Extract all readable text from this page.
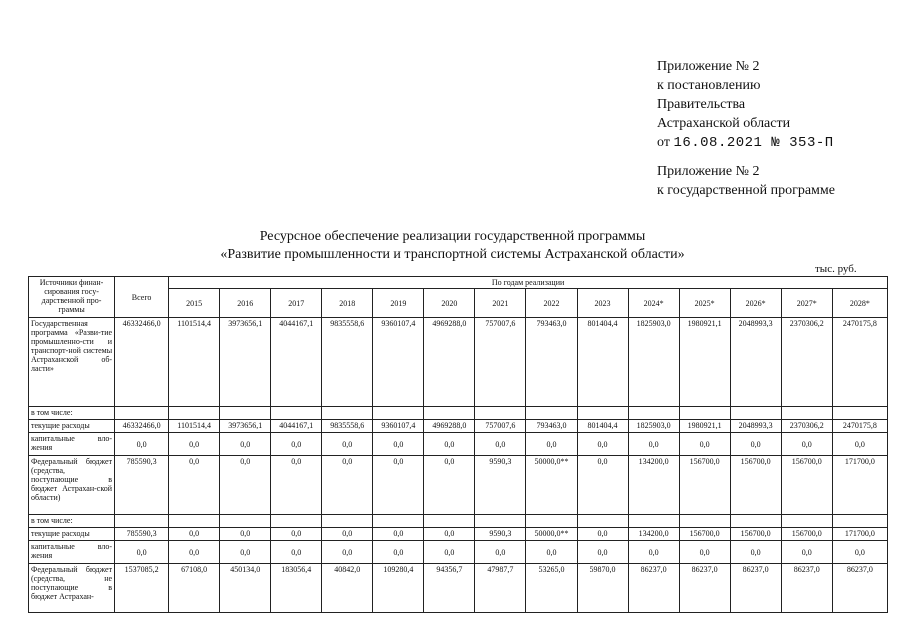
Приложение № 2
к постановлению
Правительства
Астраханской области
от 16.08.2021 № 353-П
Приложение № 2
к государственной программе
Ресурсное обеспечение реализации государственной программы
«Развитие промышленности и транспортной системы Астраханской области»
тыс. руб.
Источники финан-сирования госу-дарственной про-граммы	Всего	По годам реализации													
		2015	2016	2017	2018	2019	2020	2021	2022	2023	2024*	2025*	2026*	2027*	2028*
Государственная программа «Разви-тие промышленно-сти и транспорт-ной системы Астраханской об-ласти»	46332466,0	1101514,4	3973656,1	4044167,1	9835558,6	9360107,4	4969288,0	757007,6	793463,0	801404,4	1825903,0	1980921,1	2048993,3	2370306,2	2470175,8
в том числе:															
текущие расходы	46332466,0	1101514,4	3973656,1	4044167,1	9835558,6	9360107,4	4969288,0	757007,6	793463,0	801404,4	1825903,0	1980921,1	2048993,3	2370306,2	2470175,8
капитальные вло-жения	0,0	0,0	0,0	0,0	0,0	0,0	0,0	0,0	0,0	0,0	0,0	0,0	0,0	0,0	0,0
Федеральный бюджет (средства, поступающие в бюджет Астрахан-ской области)	785590,3	0,0	0,0	0,0	0,0	0,0	0,0	9590,3	50000,0**	0,0	134200,0	156700,0	156700,0	156700,0	171700,0
в том числе:															
текущие расходы	785590,3	0,0	0,0	0,0	0,0	0,0	0,0	9590,3	50000,0**	0,0	134200,0	156700,0	156700,0	156700,0	171700,0
капитальные вло-жения	0,0	0,0	0,0	0,0	0,0	0,0	0,0	0,0	0,0	0,0	0,0	0,0	0,0	0,0	0,0
Федеральный бюджет (средства, не поступающие в бюджет Астрахан-	1537085,2	67108,0	450134,0	183056,4	40842,0	109280,4	94356,7	47987,7	53265,0	59870,0	86237,0	86237,0	86237,0	86237,0	86237,0
